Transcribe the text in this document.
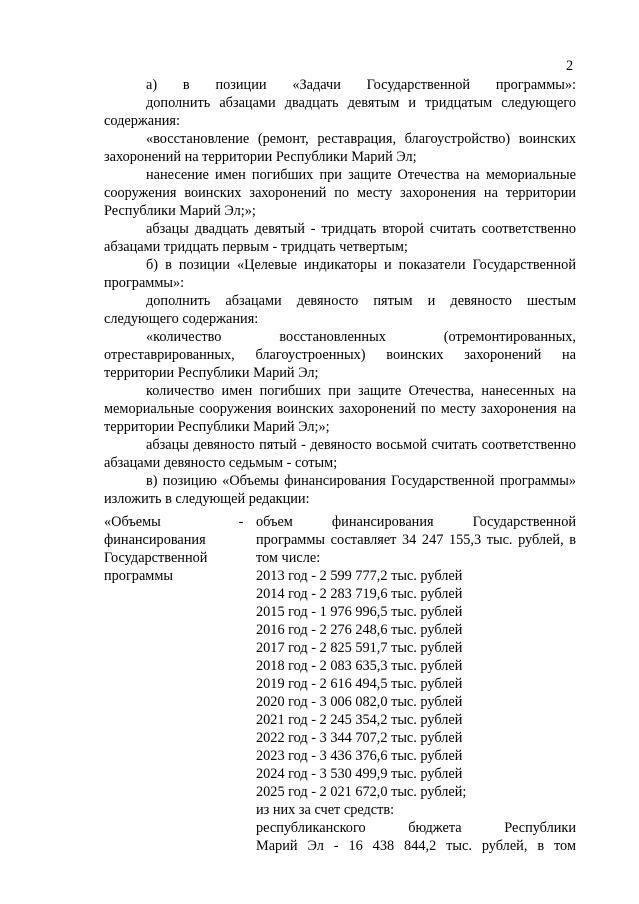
2

а) в позиции «Задачи Государственной программы»:

дополнить абзацами двадцать девятым и тридцатым следующего содержания:

«восстановление (ремонт, реставрация, благоустройство) воинских захоронений на территории Республики Марий Эл;

нанесение имен погибших при защите Отечества на мемориальные сооружения воинских захоронений по месту захоронения на территории Республики Марий Эл;»;

абзацы двадцать девятый - тридцать второй считать соответственно абзацами тридцать первым - тридцать четвертым;

б) в позиции «Целевые индикаторы и показатели Государственной программы»:

дополнить абзацами девяносто пятым и девяносто шестым следующего содержания:

«количество восстановленных (отремонтированных, отреставрированных, благоустроенных) воинских захоронений на территории Республики Марий Эл;

количество имен погибших при защите Отечества, нанесенных на мемориальные сооружения воинских захоронений по месту захоронения на территории Республики Марий Эл;»;

абзацы девяносто пятый - девяносто восьмой считать соответственно абзацами девяносто седьмым - сотым;

в) позицию «Объемы финансирования Государственной программы» изложить в следующей редакции:

«Объемы финансирования Государственной программы
- объем финансирования Государственной программы составляет 34 247 155,3 тыс. рублей, в том числе:
2013 год - 2 599 777,2 тыс. рублей
2014 год - 2 283 719,6 тыс. рублей
2015 год - 1 976 996,5 тыс. рублей
2016 год - 2 276 248,6 тыс. рублей
2017 год - 2 825 591,7 тыс. рублей
2018 год - 2 083 635,3 тыс. рублей
2019 год - 2 616 494,5 тыс. рублей
2020 год - 3 006 082,0 тыс. рублей
2021 год - 2 245 354,2 тыс. рублей
2022 год - 3 344 707,2 тыс. рублей
2023 год - 3 436 376,6 тыс. рублей
2024 год - 3 530 499,9 тыс. рублей
2025 год - 2 021 672,0 тыс. рублей;
из них за счет средств:
республиканского бюджета Республики
Марий Эл - 16 438 844,2 тыс. рублей, в том
